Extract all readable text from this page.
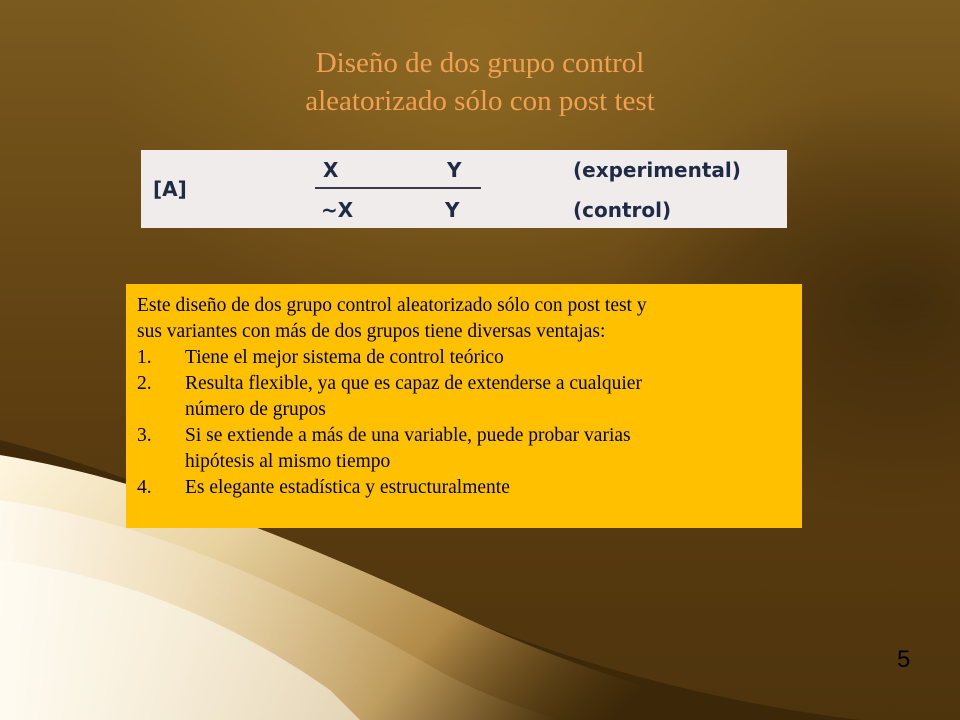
Diseño de dos grupo control
aleatorizado sólo con post test
[A]
X	Y	(experimental)
~X	Y	(control)

Este diseño de dos grupo control aleatorizado sólo con post test y

sus variantes con más de dos grupos tiene diversas ventajas:

1. Tiene el mejor sistema de control teórico
2. Resulta flexible, ya que es capaz de extenderse a cualquier
número de grupos
3. Si se extiende a más de una variable, puede probar varias
hipótesis al mismo tiempo
4. Es elegante estadística y estructuralmente
5
